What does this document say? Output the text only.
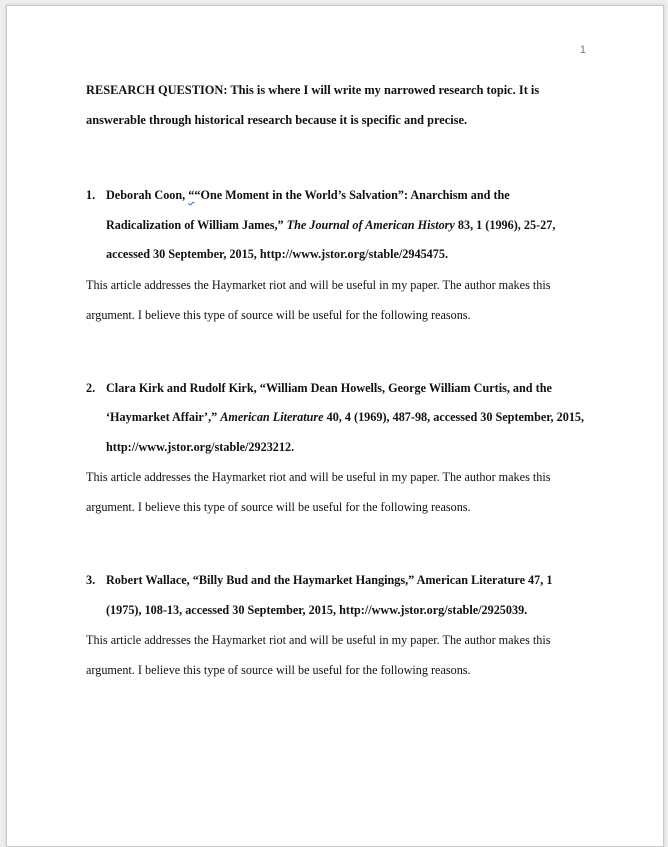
1

RESEARCH QUESTION: This is where I will write my narrowed research topic. It is answerable through historical research because it is specific and precise.

1. Deborah Coon, ““One Moment in the World’s Salvation”: Anarchism and the Radicalization of William James,” The Journal of American History 83, 1 (1996), 25-27, accessed 30 September, 2015, http://www.jstor.org/stable/2945475.

This article addresses the Haymarket riot and will be useful in my paper. The author makes this argument. I believe this type of source will be useful for the following reasons.

2. Clara Kirk and Rudolf Kirk, “William Dean Howells, George William Curtis, and the ‘Haymarket Affair’,” American Literature 40, 4 (1969), 487-98, accessed 30 September, 2015, http://www.jstor.org/stable/2923212.

This article addresses the Haymarket riot and will be useful in my paper. The author makes this argument. I believe this type of source will be useful for the following reasons.

3. Robert Wallace, “Billy Bud and the Haymarket Hangings,” American Literature 47, 1 (1975), 108-13, accessed 30 September, 2015, http://www.jstor.org/stable/2925039.

This article addresses the Haymarket riot and will be useful in my paper. The author makes this argument. I believe this type of source will be useful for the following reasons.
